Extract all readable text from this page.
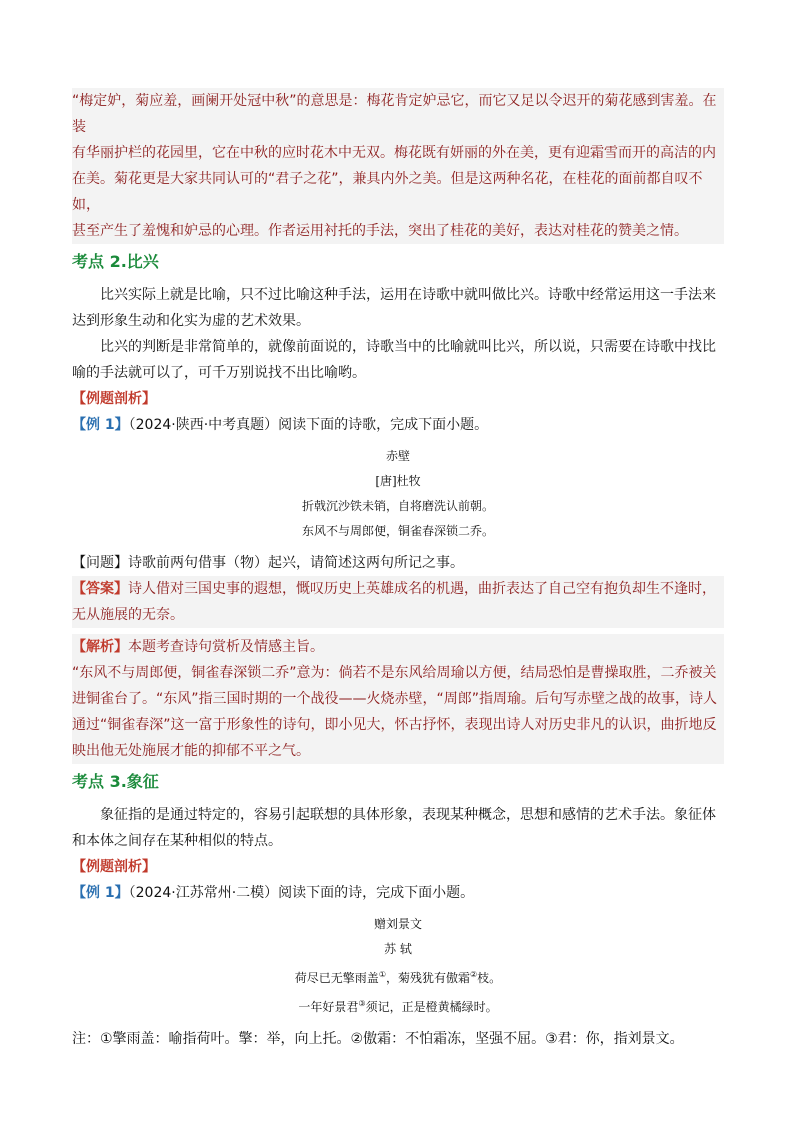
“梅定妒，菊应羞，画阑开处冠中秋”的意思是：梅花肯定妒忌它，而它又足以令迟开的菊花感到害羞。在装

有华丽护栏的花园里，它在中秋的应时花木中无双。梅花既有妍丽的外在美，更有迎霜雪而开的高洁的内

在美。菊花更是大家共同认可的“君子之花”，兼具内外之美。但是这两种名花，在桂花的面前都自叹不如，

甚至产生了羞愧和妒忌的心理。作者运用衬托的手法，突出了桂花的美好，表达对桂花的赞美之情。

考点 2.比兴

比兴实际上就是比喻，只不过比喻这种手法，运用在诗歌中就叫做比兴。诗歌中经常运用这一手法来达到形象生动和化实为虚的艺术效果。

比兴的判断是非常简单的，就像前面说的，诗歌当中的比喻就叫比兴，所以说，只需要在诗歌中找比喻的手法就可以了，可千万别说找不出比喻哟。

【例题剖析】

【例 1】（2024·陕西·中考真题）阅读下面的诗歌，完成下面小题。

赤壁
[唐]杜牧
折戟沉沙铁未销，自将磨洗认前朝。
东风不与周郎便，铜雀春深锁二乔。

【问题】诗歌前两句借事（物）起兴，请简述这两句所记之事。

【答案】诗人借对三国史事的遐想，慨叹历史上英雄成名的机遇，曲折表达了自己空有抱负却生不逢时，无从施展的无奈。

【解析】本题考查诗句赏析及情感主旨。

“东风不与周郎便，铜雀春深锁二乔”意为：倘若不是东风给周瑜以方便，结局恐怕是曹操取胜，二乔被关进铜雀台了。“东风”指三国时期的一个战役——火烧赤壁，“周郎”指周瑜。后句写赤壁之战的故事，诗人通过“铜雀春深”这一富于形象性的诗句，即小见大，怀古抒怀，表现出诗人对历史非凡的认识，曲折地反映出他无处施展才能的抑郁不平之气。

考点 3.象征

象征指的是通过特定的，容易引起联想的具体形象，表现某种概念，思想和感情的艺术手法。象征体和本体之间存在某种相似的特点。

【例题剖析】

【例 1】（2024·江苏常州·二模）阅读下面的诗，完成下面小题。

赠刘景文
苏 轼
荷尽已无擎雨盖①，菊残犹有傲霜②枝。
一年好景君③须记，正是橙黄橘绿时。

注：①擎雨盖：喻指荷叶。擎：举，向上托。②傲霜：不怕霜冻，坚强不屈。③君：你，指刘景文。
